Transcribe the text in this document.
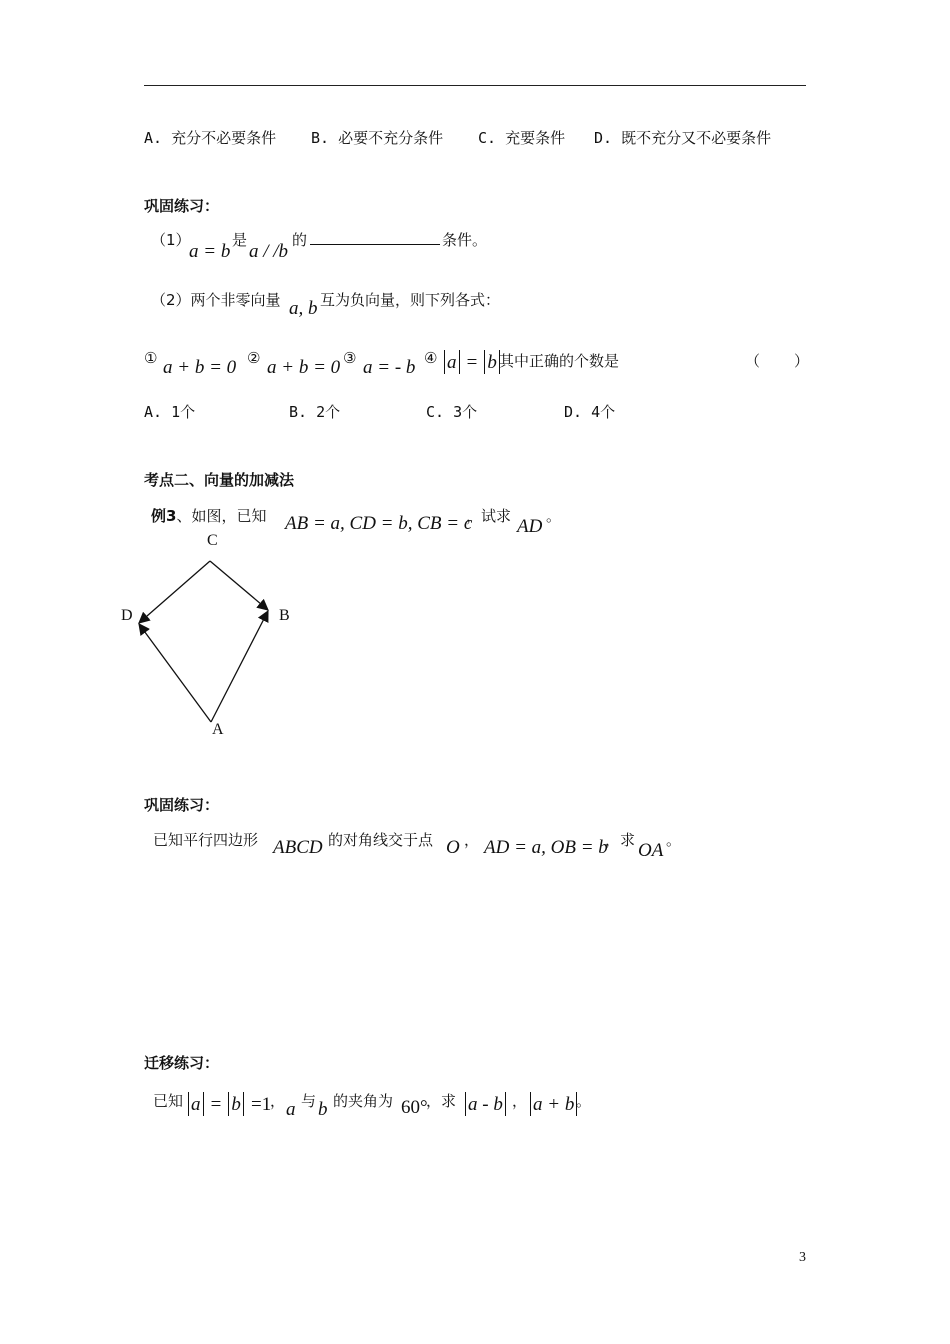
A. 充分不必要条件 B. 必要不充分条件 C. 充要条件 D. 既不充分又不必要条件
巩固练习：
（1）
a = b
是
a / /b
的	条件。
（2）两个非零向量 a, b 互为负向量，则下列各式：
① a + b = 0 ② a + b = 0 ③ a = - b ④ a = b 其中正确的个数是	（ ）
A. 1个	B. 2个	C. 3个	D. 4个
考点二、向量的加减法
例3、如图，已知 AB = a, CD = b, CB = c
，试求 AD 。
C
D	B
A
巩固练习：
已知平行四边形 ABCD 的对角线交于点 O ， AD = a, OB = b
，求 OA 。
迁移练习：
已知 a = b =1
， a 与 b 的夹角为 60°
，求 a - b ， a + b 。
3
